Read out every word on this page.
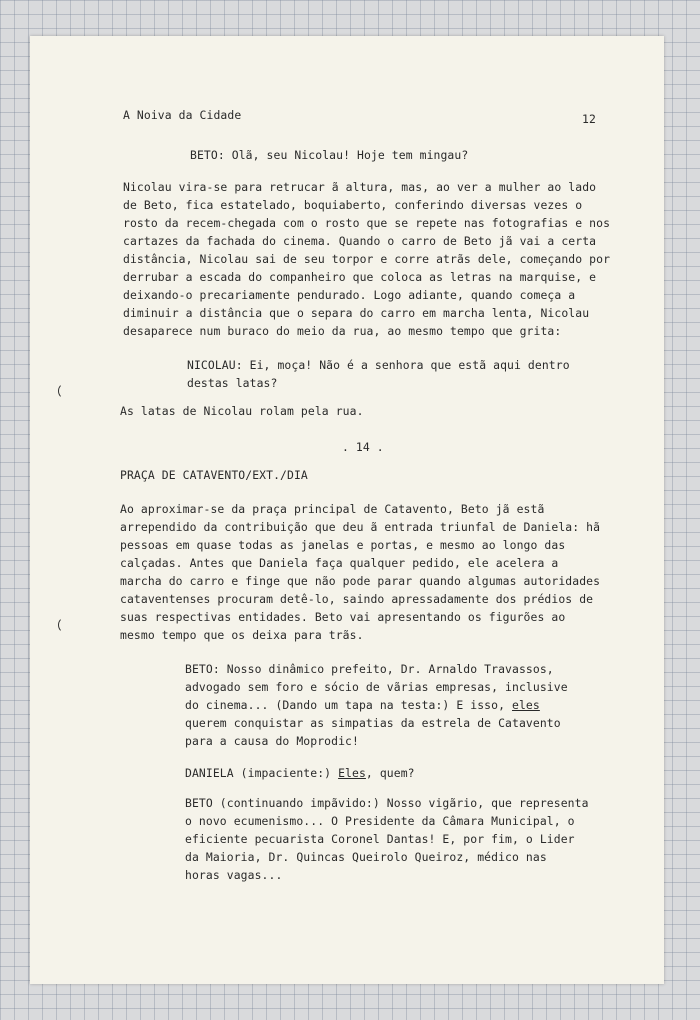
A Noiva da Cidade	12
BETO: Olã, seu Nicolau! Hoje tem mingau?
Nicolau vira-se para retrucar ã altura, mas, ao ver a mulher ao lado
de Beto, fica estatelado, boquiaberto, conferindo diversas vezes o
rosto da recem-chegada com o rosto que se repete nas fotografias e nos
cartazes da fachada do cinema. Quando o carro de Beto jã vai a certa
distância, Nicolau sai de seu torpor e corre atrãs dele, começando por
derrubar a escada do companheiro que coloca as letras na marquise, e
deixando-o precariamente pendurado. Logo adiante, quando começa a
diminuir a distância que o separa do carro em marcha lenta, Nicolau
desaparece num buraco do meio da rua, ao mesmo tempo que grita:
NICOLAU: Ei, moça! Não é a senhora que estã aqui dentro
destas latas?
As latas de Nicolau rolam pela rua.
. 14 .
PRAÇA DE CATAVENTO/EXT./DIA
Ao aproximar-se da praça principal de Catavento, Beto jã estã
arrependido da contribuição que deu ã entrada triunfal de Daniela: hã
pessoas em quase todas as janelas e portas, e mesmo ao longo das
calçadas. Antes que Daniela faça qualquer pedido, ele acelera a
marcha do carro e finge que não pode parar quando algumas autoridades
cataventenses procuram detê-lo, saindo apressadamente dos prédios de
suas respectivas entidades. Beto vai apresentando os figurões ao
mesmo tempo que os deixa para trãs.
BETO: Nosso dinâmico prefeito, Dr. Arnaldo Travassos,
advogado sem foro e sócio de vãrias empresas, inclusive
do cinema... (Dando um tapa na testa:) E isso, eles
querem conquistar as simpatias da estrela de Catavento
para a causa do Moprodic!
DANIELA (impaciente:) Eles, quem?
BETO (continuando impãvido:) Nosso vigãrio, que representa
o novo ecumenismo... O Presidente da Câmara Municipal, o
eficiente pecuarista Coronel Dantas! E, por fim, o Lider
da Maioria, Dr. Quincas Queirolo Queiroz, médico nas
horas vagas...
